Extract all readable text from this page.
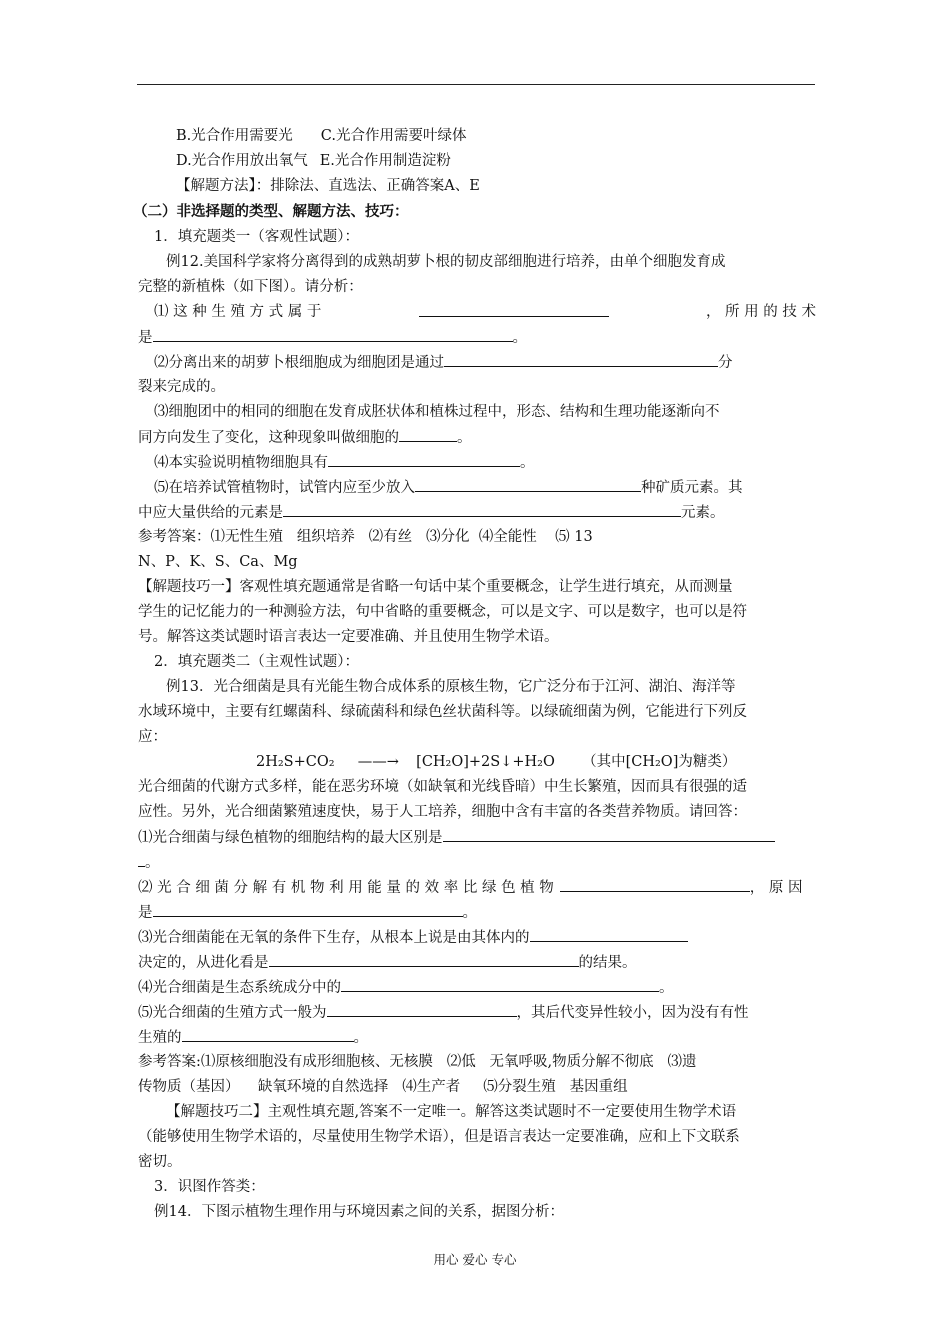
B.光合作用需要光 C.光合作用需要叶绿体
D.光合作用放出氧气 E.光合作用制造淀粉
【解题方法】：排除法、直选法、正确答案A、E
（二）非选择题的类型、解题方法、技巧：
1．填充题类一（客观性试题）：
例12.美国科学家将分离得到的成熟胡萝卜根的韧皮部细胞进行培养，由单个细胞发育成
完整的新植株（如下图）。请分析：
⑴ 这 种 生 殖 方 式 属 于	， 所 用 的 技 术
是	。
⑵分离出来的胡萝卜根细胞成为细胞团是通过	分
裂来完成的。
⑶细胞团中的相同的细胞在发育成胚状体和植株过程中，形态、结构和生理功能逐渐向不
同方向发生了变化，这种现象叫做细胞的	。
⑷本实验说明植物细胞具有	。
⑸在培养试管植物时，试管内应至少放入	种矿质元素。其
中应大量供给的元素是	元素。
参考答案：⑴无性生殖   组织培养   ⑵有丝   ⑶分化  ⑷全能性    ⑸ 13
N、P、K、S、Ca、Mg
【解题技巧一】客观性填充题通常是省略一句话中某个重要概念，让学生进行填充，从而测量
学生的记忆能力的一种测验方法，句中省略的重要概念，可以是文字、可以是数字，也可以是符
号。解答这类试题时语言表达一定要准确、并且使用生物学术语。
2．填充题类二（主观性试题）：
例13．光合细菌是具有光能生物合成体系的原核生物，它广泛分布于江河、湖泊、海洋等
水域环境中，主要有红螺菌科、绿硫菌科和绿色丝状菌科等。以绿硫细菌为例，它能进行下列反
应：
2H₂S+CO₂ ——→ [CH₂O]+2S↓+H₂O （其中[CH₂O]为糖类）
光合细菌的代谢方式多样，能在恶劣环境（如缺氧和光线昏暗）中生长繁殖，因而具有很强的适
应性。另外，光合细菌繁殖速度快，易于人工培养，细胞中含有丰富的各类营养物质。请回答：
⑴光合细菌与绿色植物的细胞结构的最大区别是
。
⑵ 光 合 细 菌 分 解 有 机 物 利 用 能 量 的 效 率 比 绿 色 植 物	， 原 因
是	。
⑶光合细菌能在无氧的条件下生存，从根本上说是由其体内的
决定的，从进化看是	的结果。
⑷光合细菌是生态系统成分中的	。
⑸光合细菌的生殖方式一般为	，其后代变异性较小，因为没有有性
生殖的	。
参考答案:⑴原核细胞没有成形细胞核、无核膜   ⑵低   无氧呼吸,物质分解不彻底   ⑶遗
传物质（基因）    缺氧环境的自然选择   ⑷生产者     ⑸分裂生殖   基因重组
【解题技巧二】主观性填充题,答案不一定唯一。解答这类试题时不一定要使用生物学术语
（能够使用生物学术语的，尽量使用生物学术语），但是语言表达一定要准确，应和上下文联系
密切。
3．识图作答类：
例14．下图示植物生理作用与环境因素之间的关系，据图分析：
用心 爱心 专心
